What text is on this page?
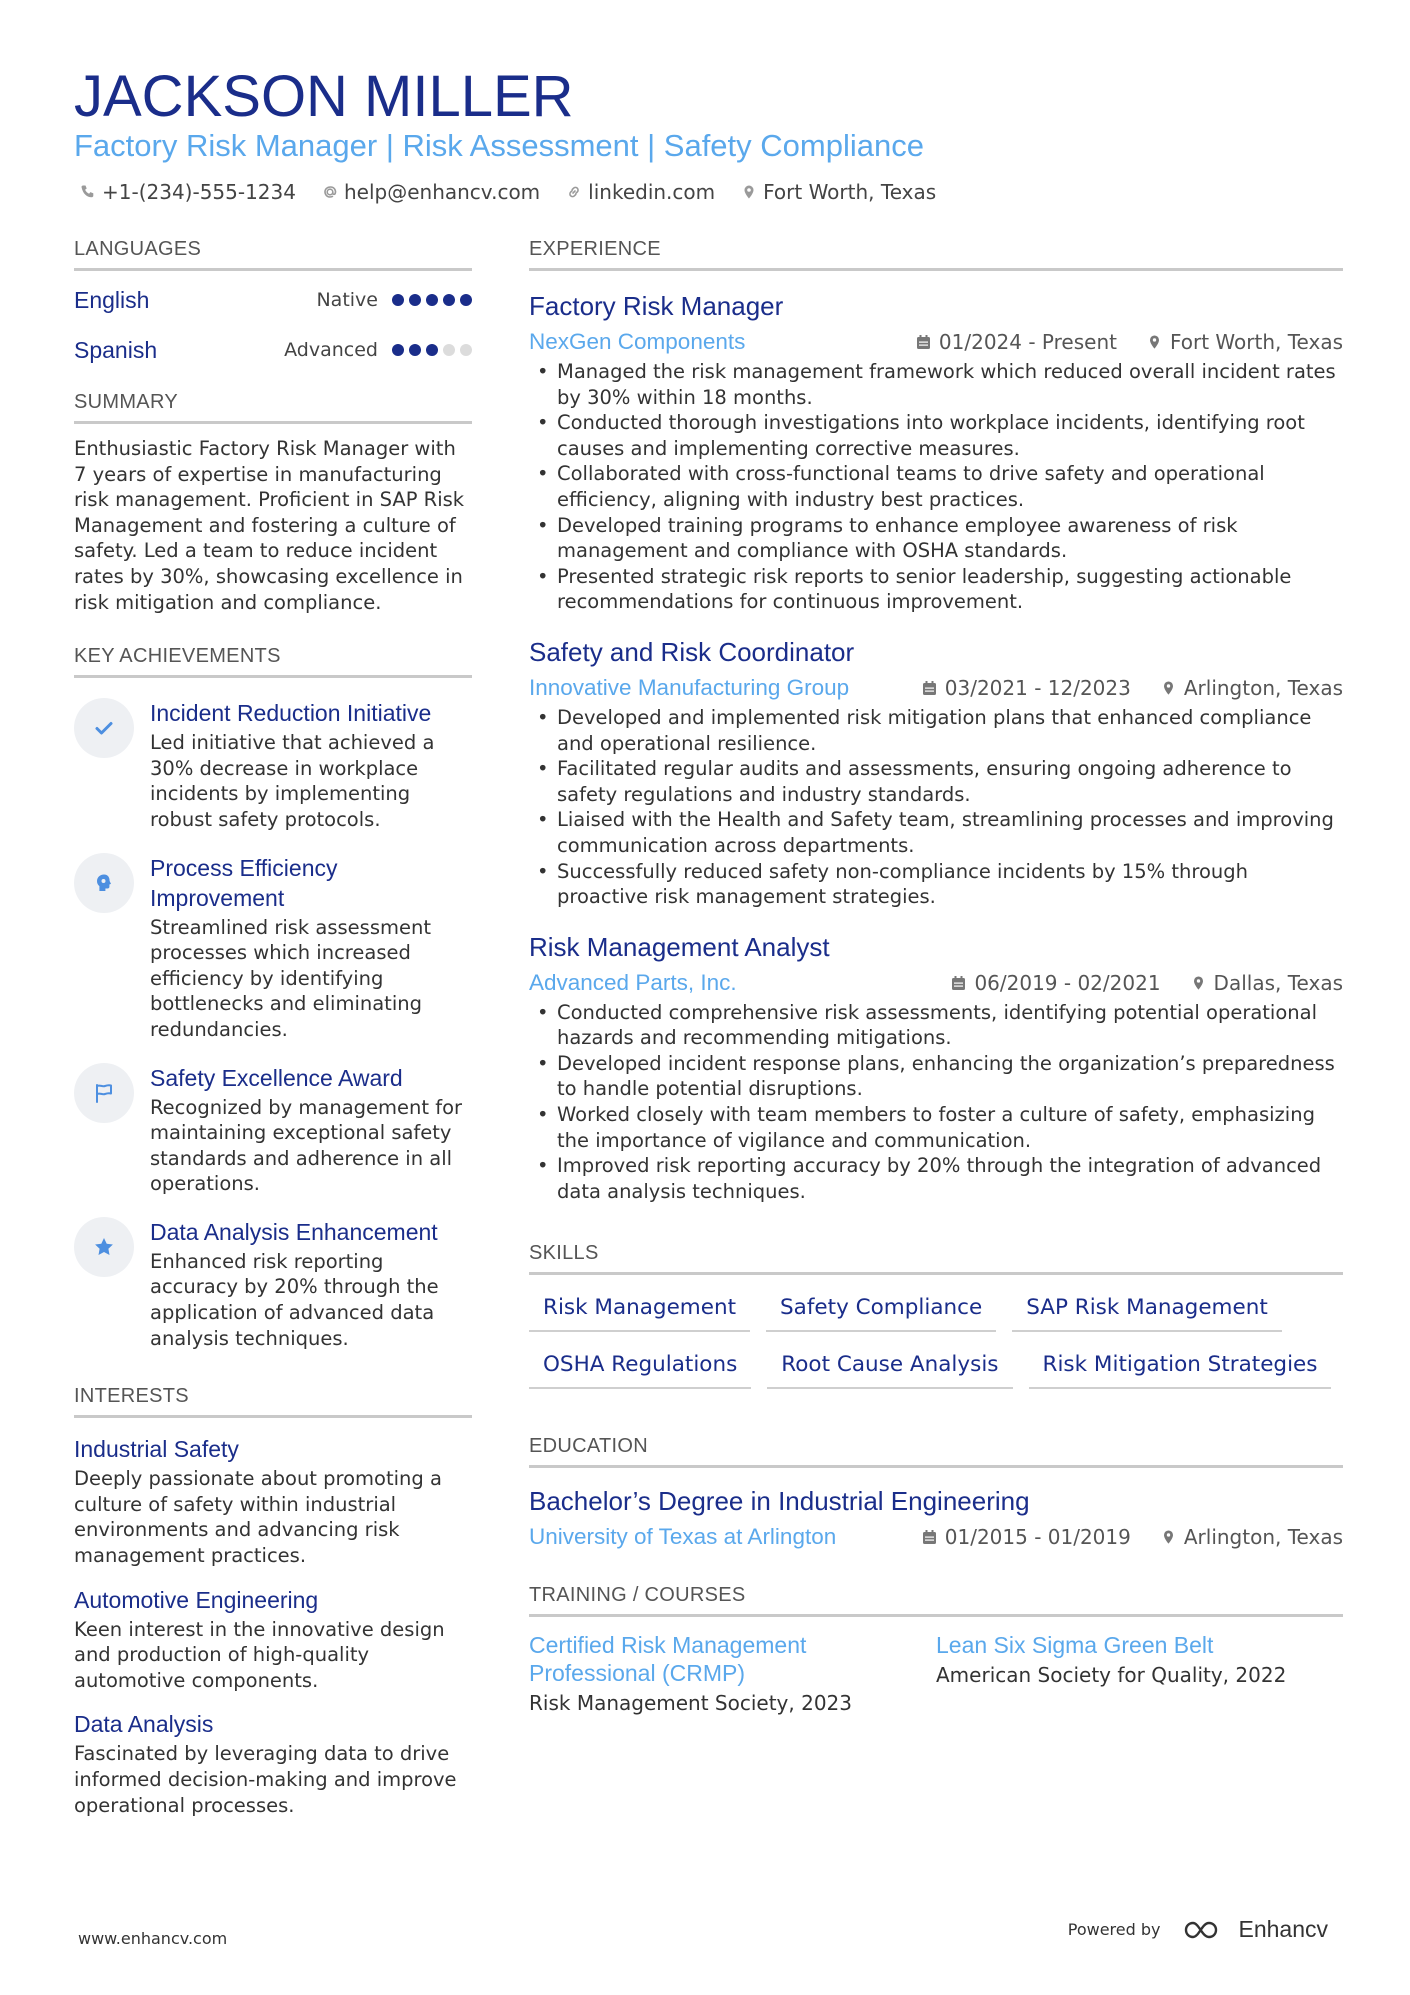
JACKSON MILLER
Factory Risk Manager | Risk Assessment | Safety Compliance
+1-(234)-555-1234 help@enhancv.com linkedin.com Fort Worth, Texas
LANGUAGES
English	Native
Spanish	Advanced
SUMMARY

Enthusiastic Factory Risk Manager with 7 years of expertise in manufacturing risk management. Proficient in SAP Risk Management and fostering a culture of safety. Led a team to reduce incident rates by 30%, showcasing excellence in risk mitigation and compliance.

KEY ACHIEVEMENTS
Incident Reduction Initiative

Led initiative that achieved a 30% decrease in workplace incidents by implementing robust safety protocols.

Process Efficiency Improvement

Streamlined risk assessment processes which increased efficiency by identifying bottlenecks and eliminating redundancies.

Safety Excellence Award

Recognized by management for maintaining exceptional safety standards and adherence in all operations.

Data Analysis Enhancement

Enhanced risk reporting accuracy by 20% through the application of advanced data analysis techniques.

INTERESTS
Industrial Safety

Deeply passionate about promoting a culture of safety within industrial environments and advancing risk management practices.

Automotive Engineering

Keen interest in the innovative design and production of high-quality automotive components.

Data Analysis

Fascinated by leveraging data to drive informed decision-making and improve operational processes.

EXPERIENCE
Factory Risk Manager
NexGen Components	01/2024 - Present	Fort Worth, Texas
• Managed the risk management framework which reduced overall incident rates by 30% within 18 months.
• Conducted thorough investigations into workplace incidents, identifying root causes and implementing corrective measures.
• Collaborated with cross-functional teams to drive safety and operational efficiency, aligning with industry best practices.
• Developed training programs to enhance employee awareness of risk management and compliance with OSHA standards.
• Presented strategic risk reports to senior leadership, suggesting actionable recommendations for continuous improvement.
Safety and Risk Coordinator
Innovative Manufacturing Group	03/2021 - 12/2023	Arlington, Texas
• Developed and implemented risk mitigation plans that enhanced compliance and operational resilience.
• Facilitated regular audits and assessments, ensuring ongoing adherence to safety regulations and industry standards.
• Liaised with the Health and Safety team, streamlining processes and improving communication across departments.
• Successfully reduced safety non-compliance incidents by 15% through proactive risk management strategies.
Risk Management Analyst
Advanced Parts, Inc.	06/2019 - 02/2021	Dallas, Texas
• Conducted comprehensive risk assessments, identifying potential operational hazards and recommending mitigations.
• Developed incident response plans, enhancing the organization’s preparedness to handle potential disruptions.
• Worked closely with team members to foster a culture of safety, emphasizing the importance of vigilance and communication.
• Improved risk reporting accuracy by 20% through the integration of advanced data analysis techniques.
SKILLS
Risk Management	Safety Compliance	SAP Risk Management
OSHA Regulations	Root Cause Analysis	Risk Mitigation Strategies
EDUCATION
Bachelor’s Degree in Industrial Engineering
University of Texas at Arlington	01/2015 - 01/2019	Arlington, Texas
TRAINING / COURSES
Certified Risk Management Professional (CRMP)
Risk Management Society, 2023
Lean Six Sigma Green Belt
American Society for Quality, 2022
www.enhancv.com	Powered by	Enhancv
